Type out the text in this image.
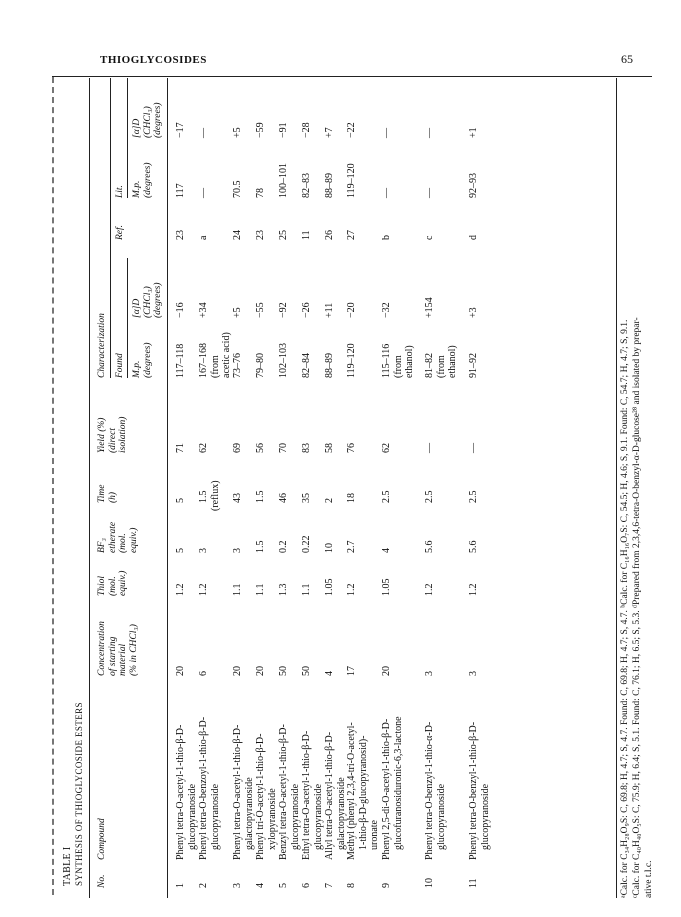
THIOGLYCOSIDES	65
TABLE I SYNTHESIS OF THIOGLYCOSIDE ESTERS No.
Compound
Concentration of starting material (% in CHCl₃)
Thiol (mol. equiv.)
BF₃ etherate (mol. equiv.)
Time (h)
Yield (%) (direct isolation)
Characterization Found
Ref.
Lit.
M.p. (degrees)
[α]D (CHCl₃) (degrees)
M.p. (degrees)
[α]D (CHCl₃) (degrees)
1
Phenyl tetra-O-acetyl-1-thio-β-D- glucopyranoside
20
1.2
5
5
71
117–118
−16
23
117
−17
2
Phenyl tetra-O-benzoyl-1-thio-β-D- glucopyranoside
6
1.2
3
1.5 (reflux)
62
167–168 (from acetic acid)
+34
a
—
—
3
Phenyl tetra-O-acetyl-1-thio-β-D- galactopyranoside
20
1.1
3
43
69
73–76
+5
24
70.5
+5
4
Phenyl tri-O-acetyl-1-thio-β-D- xylopyranoside
20
1.1
1.5
1.5
56
79–80
−55
23
78
−59
5
Benzyl tetra-O-acetyl-1-thio-β-D- glucopyranoside
50
1.3
0.2
46
70
102–103
−92
25
100–101
−91
6
Ethyl tetra-O-acetyl-1-thio-β-D- glucopyranoside
50
1.1
0.22
35
83
82–84
−26
11
82–83
−28
7
Allyl tetra-O-acetyl-1-thio-β-D- galactopyranoside
4
1.05
10
2
58
88–89
+11
26
88–89
+7
8
Methyl (phenyl 2,3,4-tri-O-acetyl- 1-thio-β-D-glucopyranosid)- uronate
17
1.2
2.7
18
76
119–120
−20
27
119–120
−22
9
Phenyl 2,5-di-O-acetyl-1-thio-β-D- glucofuranosiduronic-6,3-lactone
20
1.05
4
2.5
62
115–116 (from ethanol)
−32
b
—
—
10
Phenyl tetra-O-benzyl-1-thio-α-D- glucopyranoside
3
1.2
5.6
2.5
—
81–82 (from ethanol)
+154
c
—
—
11
Phenyl tetra-O-benzyl-1-thio-β-D- glucopyranoside
3
1.2
5.6
2.5
—
91–92
+3
d
92–93
+1
ᵃCalc. for C₃₄H₂₈O₉S: C, 69.8; H, 4.7; S, 4.7. Found: C, 69.8; H, 4.7; S, 4.7. ᵇCalc. for C₁₆H₁₆O₇S: C, 54.5; H, 4.6; S, 9.1. Found: C, 54.7; H, 4.7; S, 9.1. ᶜCalc. for C₄₀H₄₀O₅S: C, 75.9; H, 6.4; S, 5.1. Found: C, 76.1; H, 6.5; S, 5.3. ᵈPrepared from 2,3,4,6-tetra-O-benzyl-α-D-glucose²⁸ and isolated by prepar- ative t.l.c.
